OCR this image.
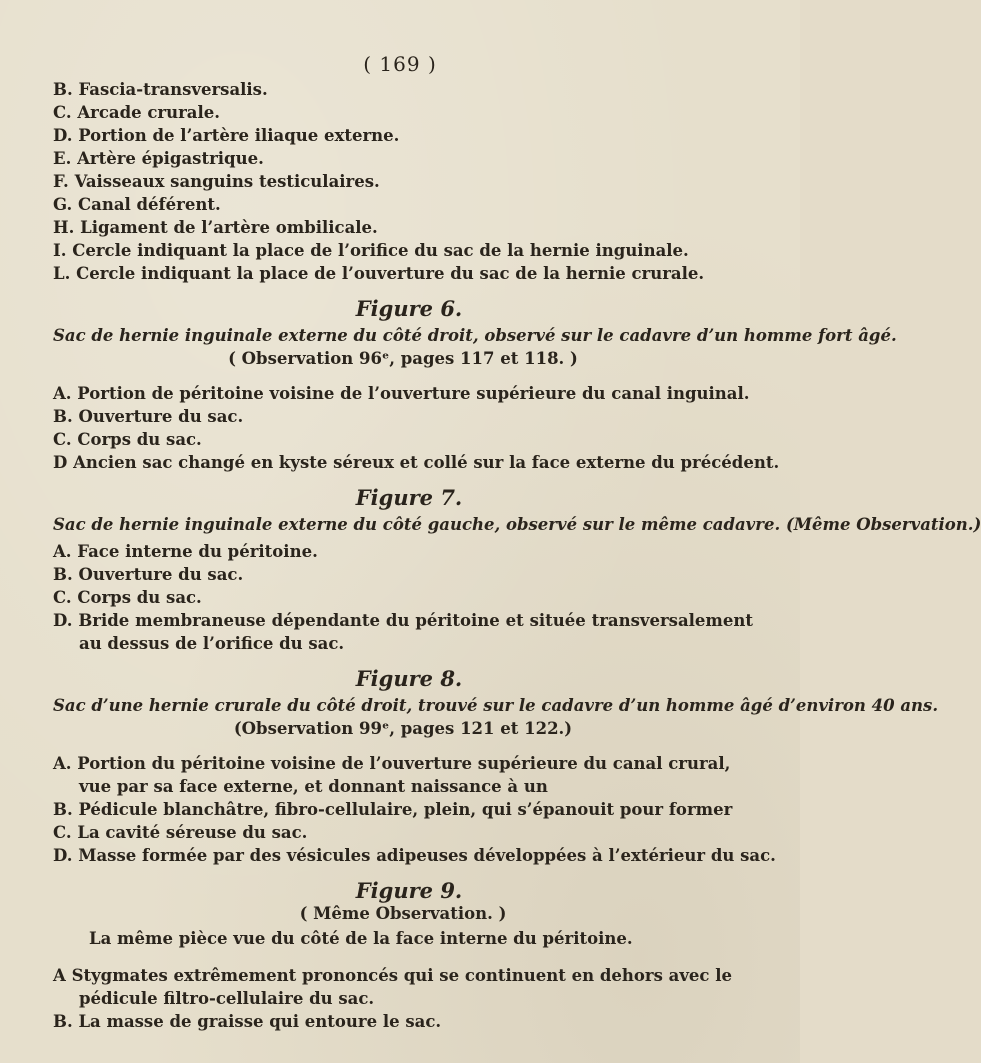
( 169 )
B. Fascia-transversalis.
C. Arcade crurale.
D. Portion de l’artère iliaque externe.
E. Artère épigastrique.
F. Vaisseaux sanguins testiculaires.
G. Canal déférent.
H. Ligament de l’artère ombilicale.
I. Cercle indiquant la place de l’orifice du sac de la hernie inguinale.
L. Cercle indiquant la place de l’ouverture du sac de la hernie crurale.
Figure 6.
Sac de hernie inguinale externe du côté droit, observé sur le cadavre d’un homme fort âgé.
( Observation 96ᵉ, pages 117 et 118. )
A. Portion de péritoine voisine de l’ouverture supérieure du canal inguinal.
B. Ouverture du sac.
C. Corps du sac.
D Ancien sac changé en kyste séreux et collé sur la face externe du précédent.
Figure 7.
Sac de hernie inguinale externe du côté gauche, observé sur le même cadavre. (Même Observation.)
A. Face interne du péritoine.
B. Ouverture du sac.
C. Corps du sac.
D. Bride membraneuse dépendante du péritoine et située transversalement au dessus de l’orifice du sac.
Figure 8.
Sac d’une hernie crurale du côté droit, trouvé sur le cadavre d’un homme âgé d’environ 40 ans.
(Observation 99ᵉ, pages 121 et 122.)
A. Portion du péritoine voisine de l’ouverture supérieure du canal crural, vue par sa face externe, et donnant naissance à un
B. Pédicule blanchâtre, fibro-cellulaire, plein, qui s’épanouit pour former
C. La cavité séreuse du sac.
D. Masse formée par des vésicules adipeuses développées à l’extérieur du sac.
Figure 9.
( Même Observation. )
La même pièce vue du côté de la face interne du péritoine.
A Stygmates extrêmement prononcés qui se continuent en dehors avec le pédicule filtro-cellulaire du sac.
B. La masse de graisse qui entoure le sac.
